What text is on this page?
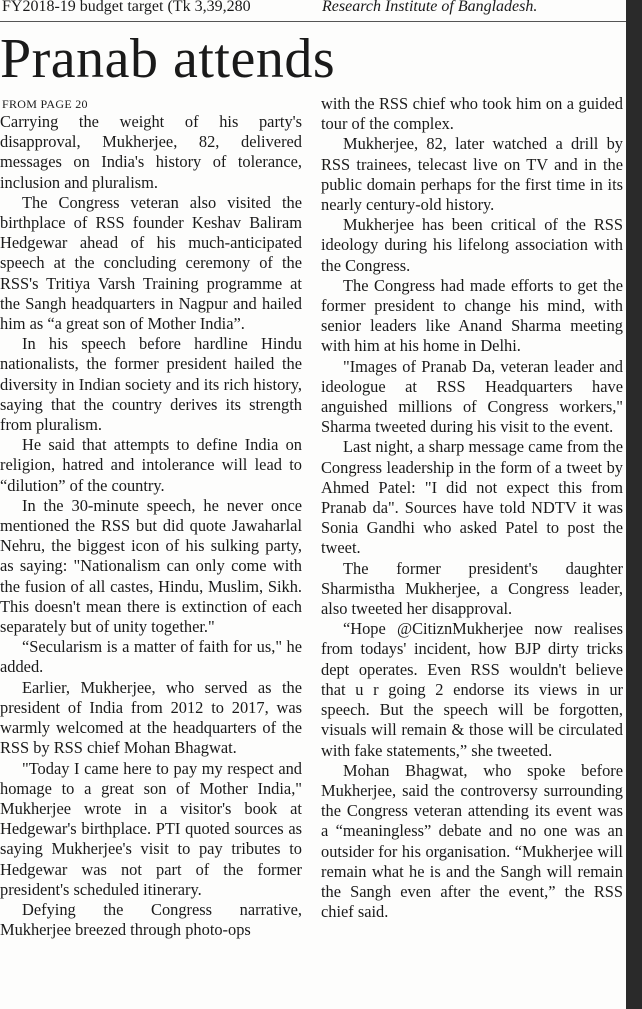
FY2018-19 budget target (Tk 3,39,280	Research Institute of Bangladesh.
Pranab attends
FROM PAGE 20

Carrying the weight of his party's disapproval, Mukherjee, 82, delivered messages on India's history of tolerance, inclusion and pluralism.

The Congress veteran also visited the birthplace of RSS founder Keshav Baliram Hedgewar ahead of his much-anticipated speech at the concluding ceremony of the RSS's Tritiya Varsh Training programme at the Sangh headquarters in Nagpur and hailed him as “a great son of Mother India”.

In his speech before hardline Hindu nationalists, the former president hailed the diversity in Indian society and its rich history, saying that the country derives its strength from pluralism.

He said that attempts to define India on religion, hatred and intolerance will lead to “dilution” of the country.

In the 30-minute speech, he never once mentioned the RSS but did quote Jawaharlal Nehru, the biggest icon of his sulking party, as saying: "Nationalism can only come with the fusion of all castes, Hindu, Muslim, Sikh. This doesn't mean there is extinction of each separately but of unity together."

“Secularism is a matter of faith for us," he added.

Earlier, Mukherjee, who served as the president of India from 2012 to 2017, was warmly welcomed at the headquarters of the RSS by RSS chief Mohan Bhagwat.

"Today I came here to pay my respect and homage to a great son of Mother India," Mukherjee wrote in a visitor's book at Hedgewar's birthplace. PTI quoted sources as saying Mukherjee's visit to pay tributes to Hedgewar was not part of the former president's scheduled itinerary.

Defying the Congress narrative, Mukherjee breezed through photo-ops

with the RSS chief who took him on a guided tour of the complex.

Mukherjee, 82, later watched a drill by RSS trainees, telecast live on TV and in the public domain perhaps for the first time in its nearly century-old history.

Mukherjee has been critical of the RSS ideology during his lifelong association with the Congress.

The Congress had made efforts to get the former president to change his mind, with senior leaders like Anand Sharma meeting with him at his home in Delhi.

"Images of Pranab Da, veteran leader and ideologue at RSS Headquarters have anguished millions of Congress workers," Sharma tweeted during his visit to the event.

Last night, a sharp message came from the Congress leadership in the form of a tweet by Ahmed Patel: "I did not expect this from Pranab da". Sources have told NDTV it was Sonia Gandhi who asked Patel to post the tweet.

The former president's daughter Sharmistha Mukherjee, a Congress leader, also tweeted her disapproval.

“Hope @CitiznMukherjee now realises from todays' incident, how BJP dirty tricks dept operates. Even RSS wouldn't believe that u r going 2 endorse its views in ur speech. But the speech will be forgotten, visuals will remain & those will be circulated with fake statements,” she tweeted.

Mohan Bhagwat, who spoke before Mukherjee, said the controversy surrounding the Congress veteran attending its event was a “meaningless” debate and no one was an outsider for his organisation. “Mukherjee will remain what he is and the Sangh will remain the Sangh even after the event,” the RSS chief said.
